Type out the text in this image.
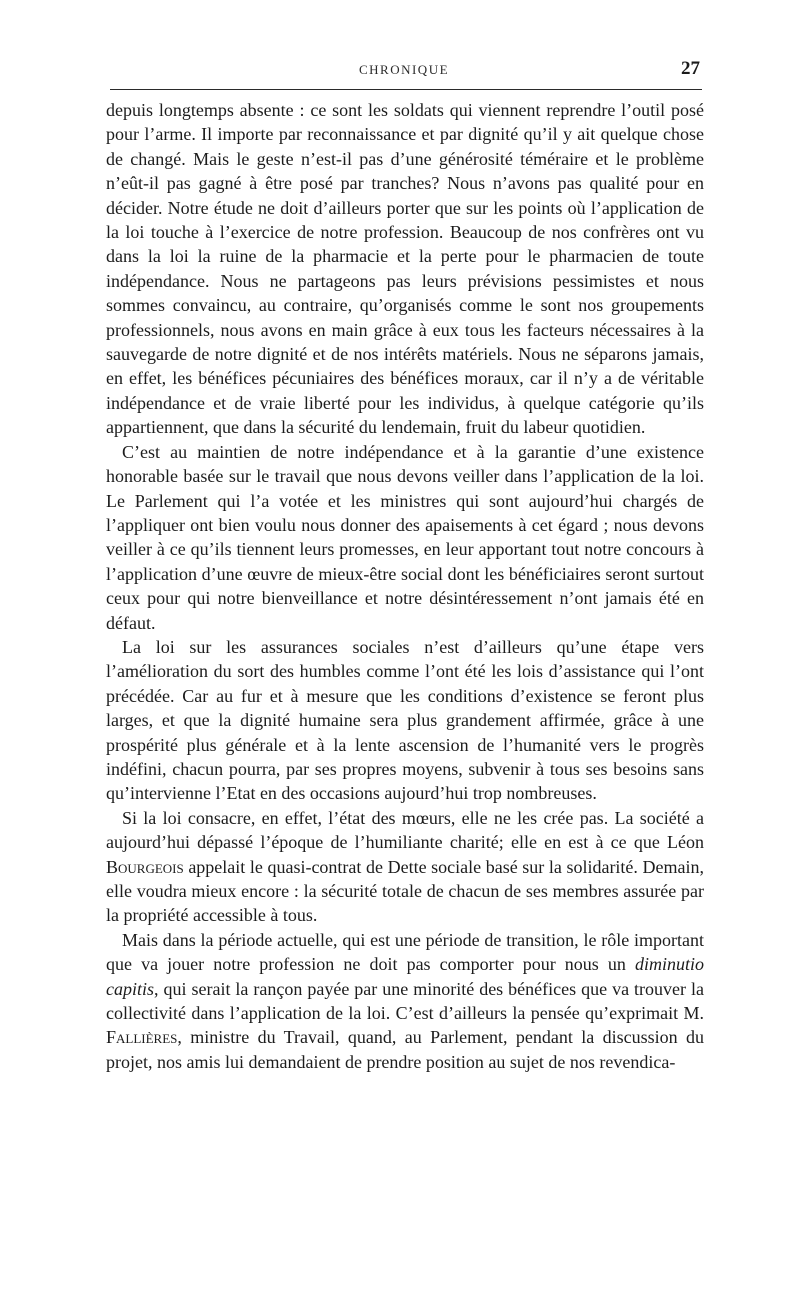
CHRONIQUE	27

depuis longtemps absente : ce sont les soldats qui viennent reprendre l’outil posé pour l’arme. Il importe par reconnaissance et par dignité qu’il y ait quelque chose de changé. Mais le geste n’est-il pas d’une générosité téméraire et le problème n’eût-il pas gagné à être posé par tranches? Nous n’avons pas qualité pour en décider. Notre étude ne doit d’ailleurs porter que sur les points où l’application de la loi touche à l’exercice de notre profession. Beaucoup de nos confrères ont vu dans la loi la ruine de la pharmacie et la perte pour le pharmacien de toute indépendance. Nous ne partageons pas leurs prévisions pessimistes et nous sommes convaincu, au contraire, qu’organisés comme le sont nos groupements professionnels, nous avons en main grâce à eux tous les facteurs nécessaires à la sauvegarde de notre dignité et de nos intérêts matériels. Nous ne séparons jamais, en effet, les bénéfices pécuniaires des bénéfices moraux, car il n’y a de véritable indépendance et de vraie liberté pour les individus, à quelque catégorie qu’ils appartiennent, que dans la sécurité du lendemain, fruit du labeur quotidien.

C’est au maintien de notre indépendance et à la garantie d’une existence honorable basée sur le travail que nous devons veiller dans l’application de la loi. Le Parlement qui l’a votée et les ministres qui sont aujourd’hui chargés de l’appliquer ont bien voulu nous donner des apaisements à cet égard ; nous devons veiller à ce qu’ils tiennent leurs promesses, en leur apportant tout notre concours à l’application d’une œuvre de mieux-être social dont les bénéficiaires seront surtout ceux pour qui notre bienveillance et notre désintéressement n’ont jamais été en défaut.

La loi sur les assurances sociales n’est d’ailleurs qu’une étape vers l’amélioration du sort des humbles comme l’ont été les lois d’assistance qui l’ont précédée. Car au fur et à mesure que les conditions d’existence se feront plus larges, et que la dignité humaine sera plus grandement affirmée, grâce à une prospérité plus générale et à la lente ascension de l’humanité vers le progrès indéfini, chacun pourra, par ses propres moyens, subvenir à tous ses besoins sans qu’intervienne l’Etat en des occasions aujourd’hui trop nombreuses.

Si la loi consacre, en effet, l’état des mœurs, elle ne les crée pas. La société a aujourd’hui dépassé l’époque de l’humiliante charité; elle en est à ce que Léon Bourgeois appelait le quasi-contrat de Dette sociale basé sur la solidarité. Demain, elle voudra mieux encore : la sécurité totale de chacun de ses membres assurée par la propriété accessible à tous.

Mais dans la période actuelle, qui est une période de transition, le rôle important que va jouer notre profession ne doit pas comporter pour nous un diminutio capitis, qui serait la rançon payée par une minorité des bénéfices que va trouver la collectivité dans l’application de la loi. C’est d’ailleurs la pensée qu’exprimait M. Fallières, ministre du Travail, quand, au Parlement, pendant la discussion du projet, nos amis lui demandaient de prendre position au sujet de nos revendica-
